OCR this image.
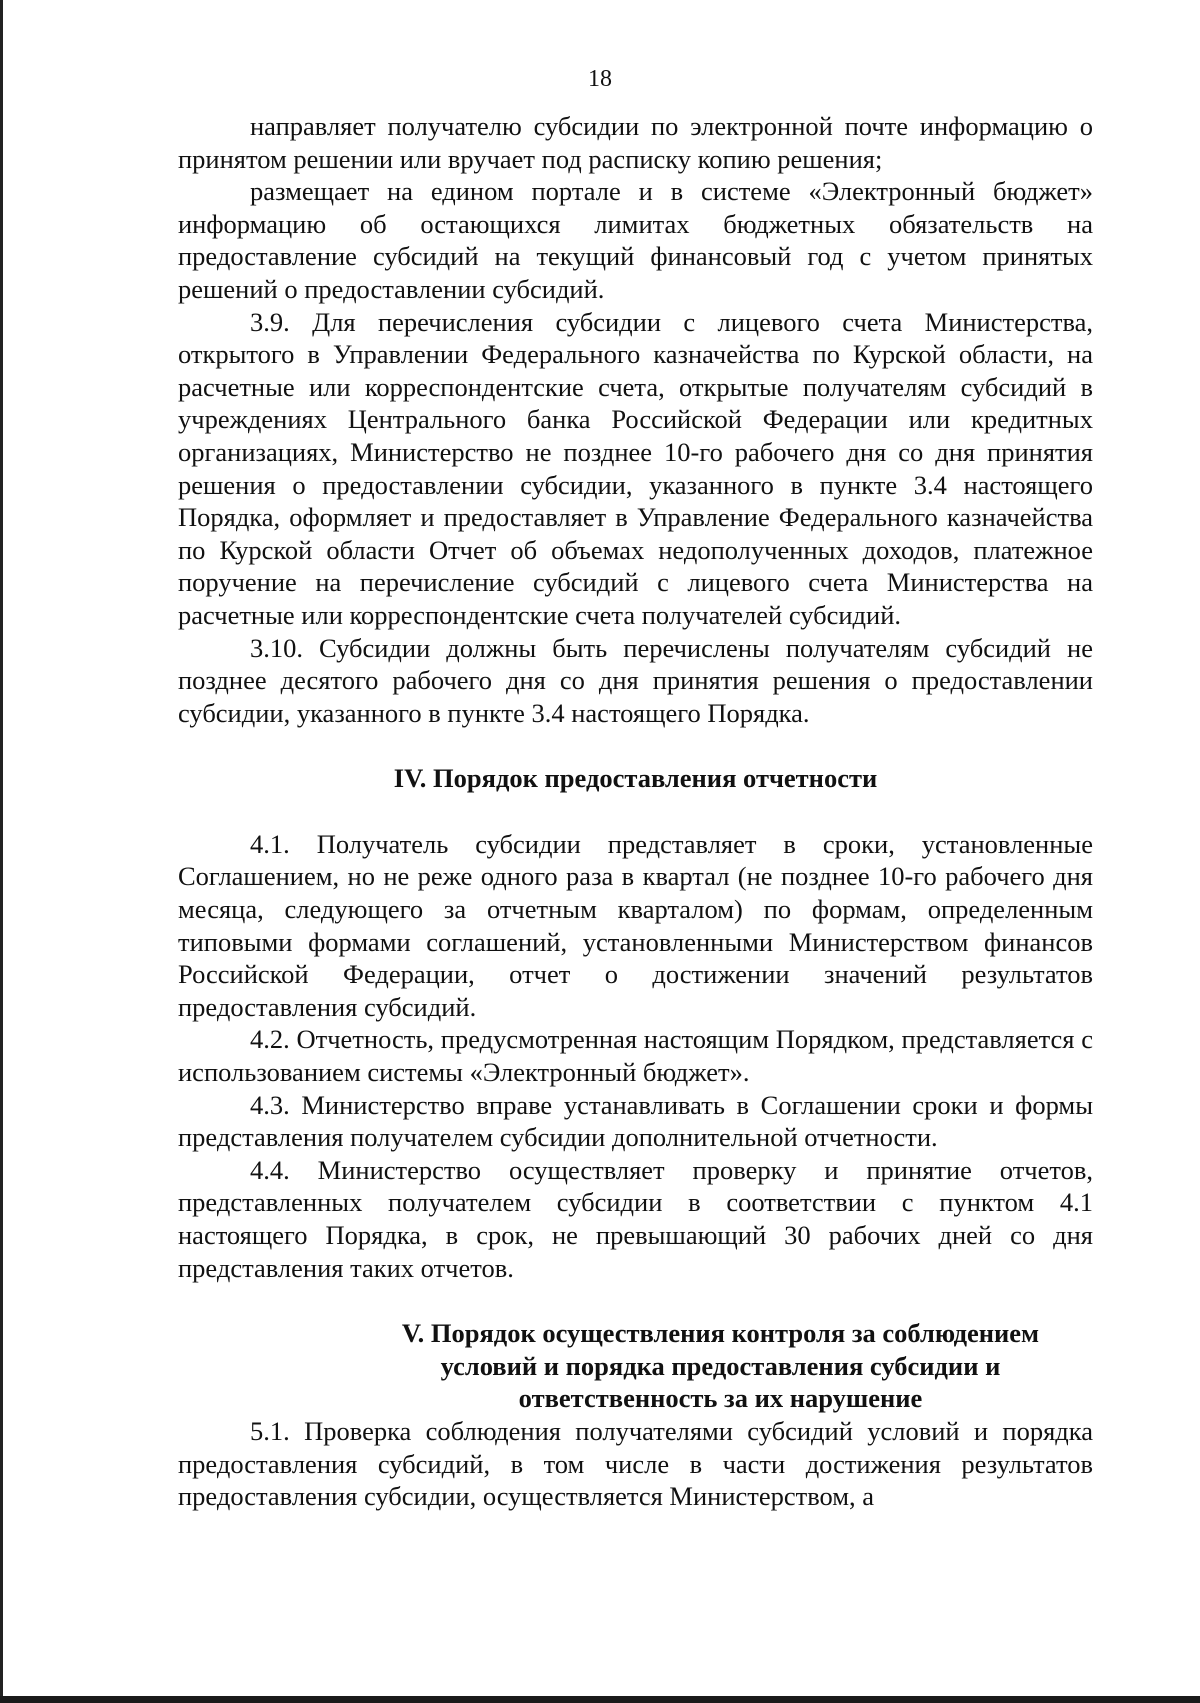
18

направляет получателю субсидии по электронной почте информацию о принятом решении или вручает под расписку копию решения;

размещает на едином портале и в системе «Электронный бюджет» информацию об остающихся лимитах бюджетных обязательств на предоставление субсидий на текущий финансовый год с учетом принятых решений о предоставлении субсидий.

3.9. Для перечисления субсидии с лицевого счета Министерства, открытого в Управлении Федерального казначейства по Курской области, на расчетные или корреспондентские счета, открытые получателям субсидий в учреждениях Центрального банка Российской Федерации или кредитных организациях, Министерство не позднее 10-го рабочего дня со дня принятия решения о предоставлении субсидии, указанного в пункте 3.4 настоящего Порядка, оформляет и предоставляет в Управление Федерального казначейства по Курской области Отчет об объемах недополученных доходов, платежное поручение на перечисление субсидий с лицевого счета Министерства на расчетные или корреспондентские счета получателей субсидий.

3.10. Субсидии должны быть перечислены получателям субсидий не позднее десятого рабочего дня со дня принятия решения о предоставлении субсидии, указанного в пункте 3.4 настоящего Порядка.

IV. Порядок предоставления отчетности

4.1. Получатель субсидии представляет в сроки, установленные Соглашением, но не реже одного раза в квартал (не позднее 10-го рабочего дня месяца, следующего за отчетным кварталом) по формам, определенным типовыми формами соглашений, установленными Министерством финансов Российской Федерации, отчет о достижении значений результатов предоставления субсидий.

4.2. Отчетность, предусмотренная настоящим Порядком, представляется с использованием системы «Электронный бюджет».

4.3. Министерство вправе устанавливать в Соглашении сроки и формы представления получателем субсидии дополнительной отчетности.

4.4. Министерство осуществляет проверку и принятие отчетов, представленных получателем субсидии в соответствии с пунктом 4.1 настоящего Порядка, в срок, не превышающий 30 рабочих дней со дня представления таких отчетов.

V. Порядок осуществления контроля за соблюдением
условий и порядка предоставления субсидии и
ответственность за их нарушение

5.1. Проверка соблюдения получателями субсидий условий и порядка предоставления субсидий, в том числе в части достижения результатов предоставления субсидии, осуществляется Министерством, а
